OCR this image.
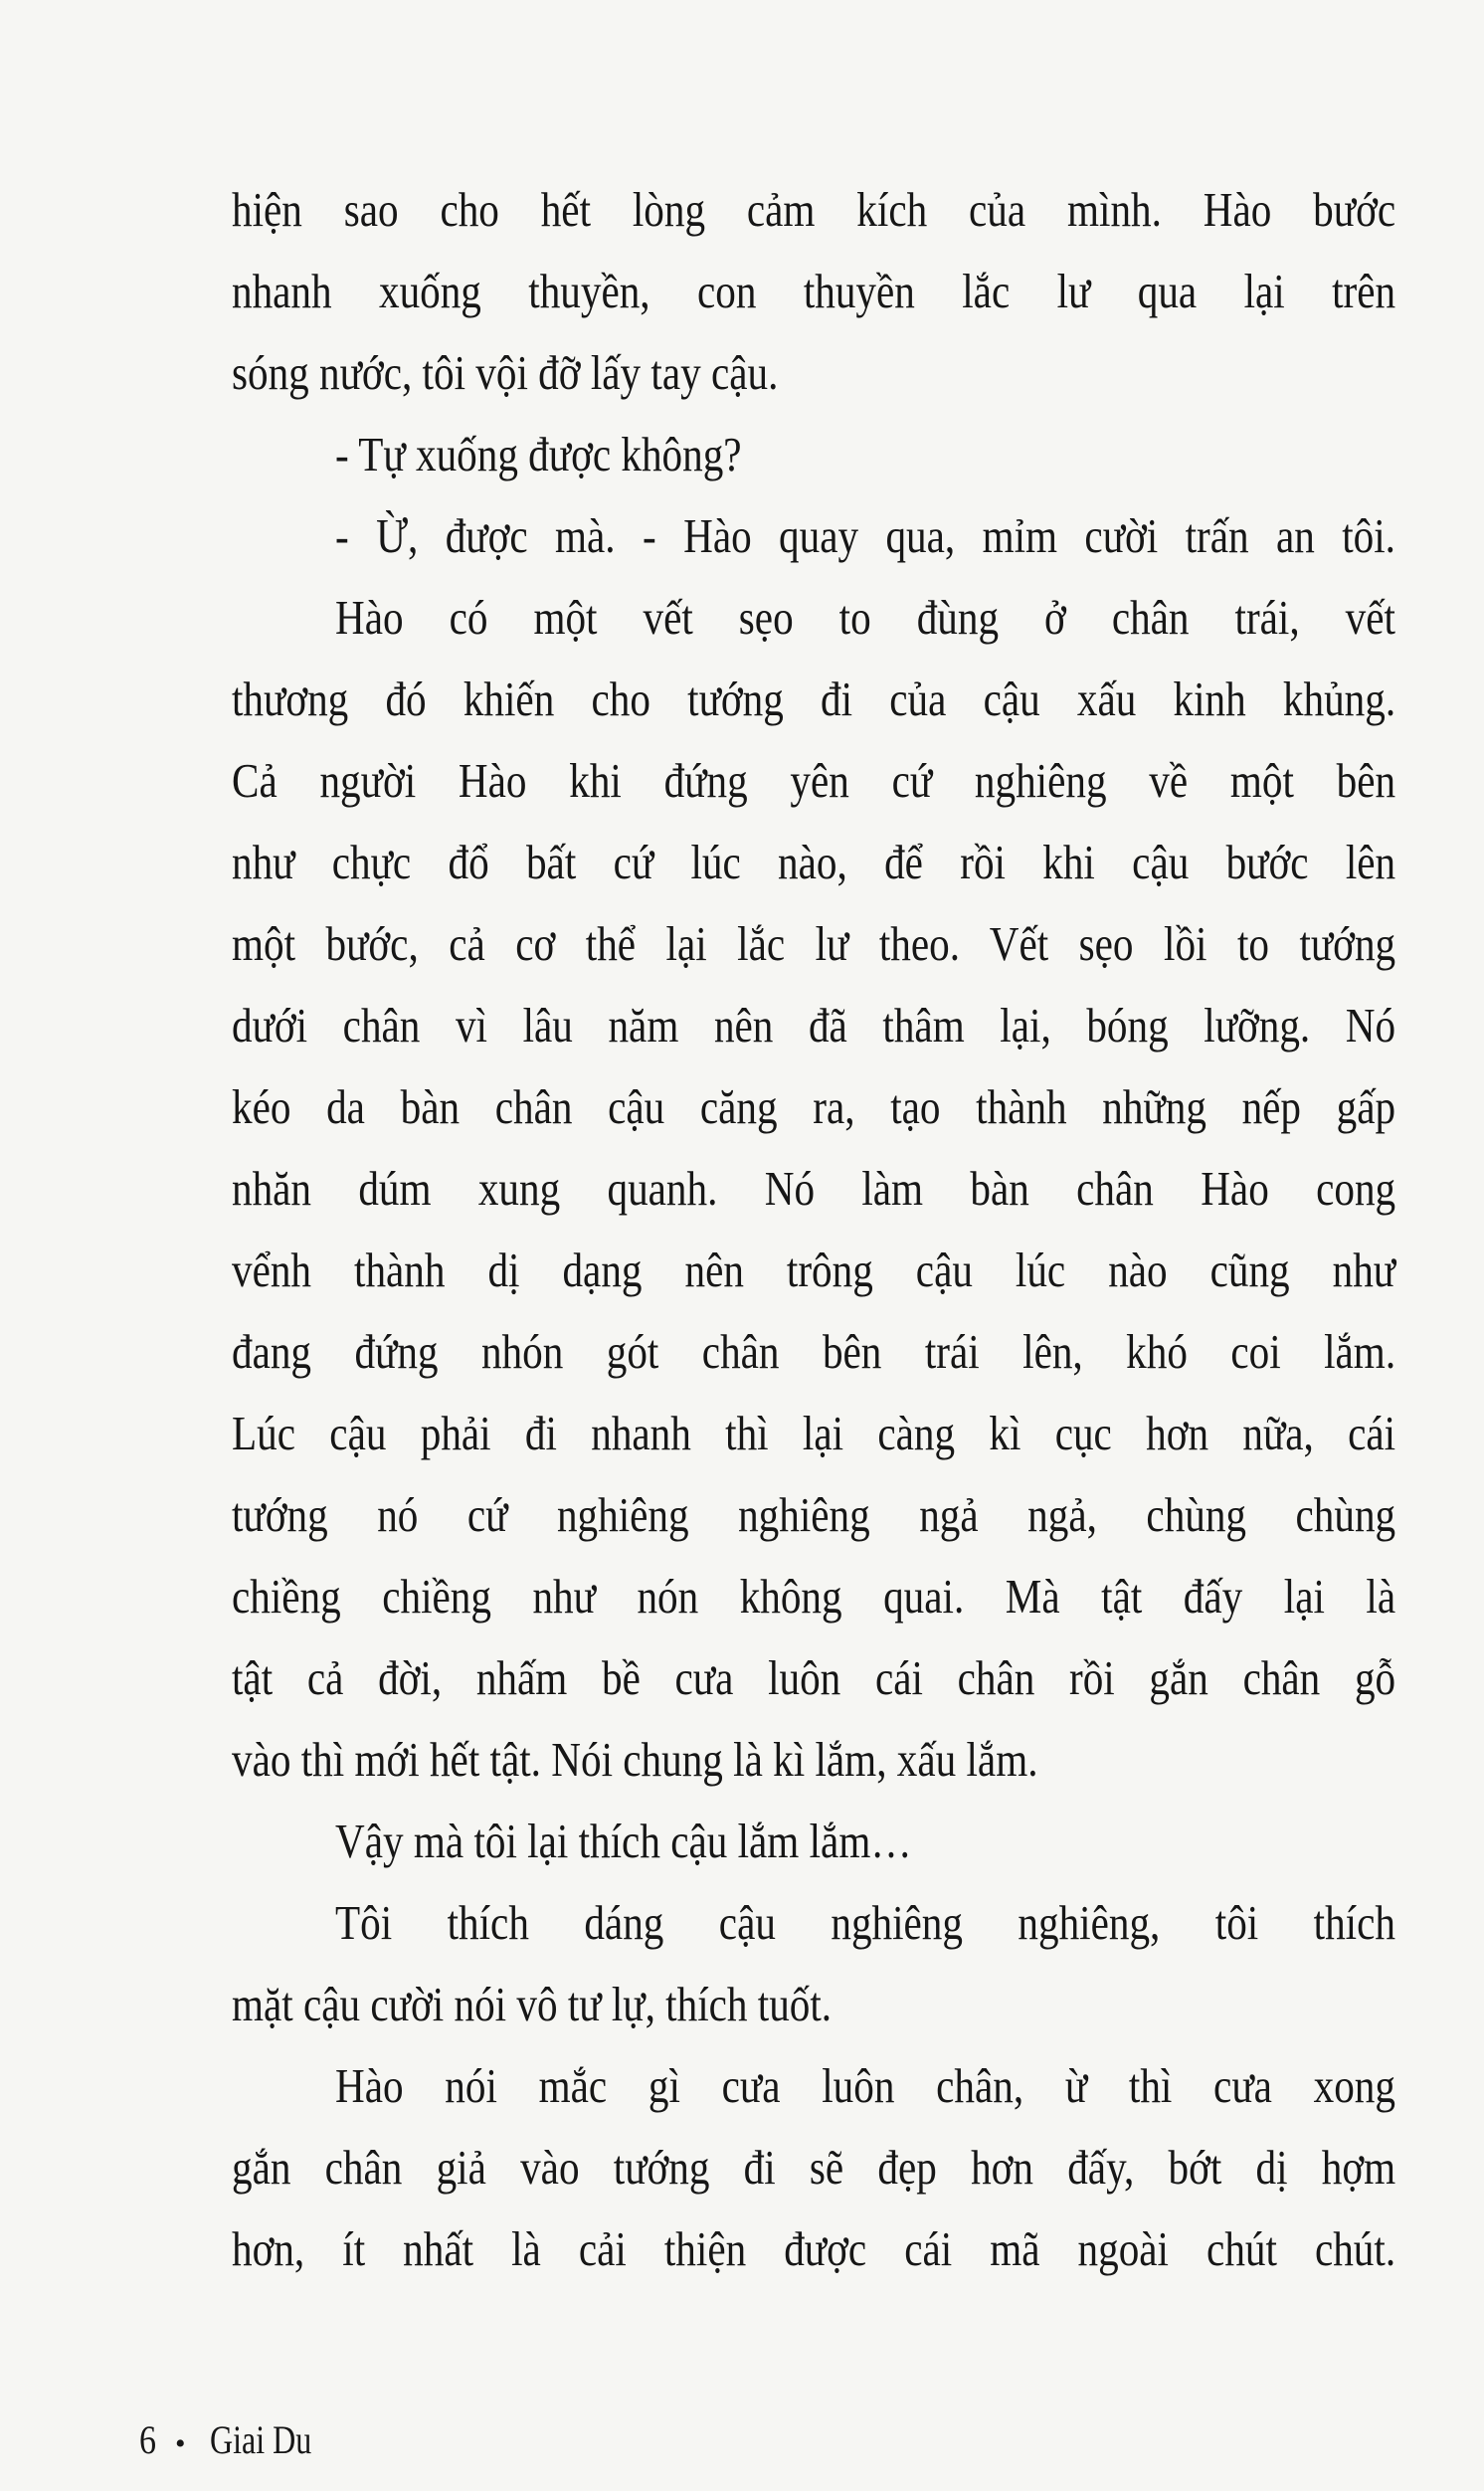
hiện sao cho hết lòng cảm kích của mình. Hào bước
nhanh xuống thuyền, con thuyền lắc lư qua lại trên
sóng nước, tôi vội đỡ lấy tay cậu.
- Tự xuống được không?
- Ừ, được mà. - Hào quay qua, mỉm cười trấn an tôi.
Hào có một vết sẹo to đùng ở chân trái, vết
thương đó khiến cho tướng đi của cậu xấu kinh khủng.
Cả người Hào khi đứng yên cứ nghiêng về một bên
như chực đổ bất cứ lúc nào, để rồi khi cậu bước lên
một bước, cả cơ thể lại lắc lư theo. Vết sẹo lồi to tướng
dưới chân vì lâu năm nên đã thâm lại, bóng lưỡng. Nó
kéo da bàn chân cậu căng ra, tạo thành những nếp gấp
nhăn dúm xung quanh. Nó làm bàn chân Hào cong
vểnh thành dị dạng nên trông cậu lúc nào cũng như
đang đứng nhón gót chân bên trái lên, khó coi lắm.
Lúc cậu phải đi nhanh thì lại càng kì cục hơn nữa, cái
tướng nó cứ nghiêng nghiêng ngả ngả, chùng chùng
chiềng chiềng như nón không quai. Mà tật đấy lại là
tật cả đời, nhấm bề cưa luôn cái chân rồi gắn chân gỗ
vào thì mới hết tật. Nói chung là kì lắm, xấu lắm.
Vậy mà tôi lại thích cậu lắm lắm…
Tôi thích dáng cậu nghiêng nghiêng, tôi thích
mặt cậu cười nói vô tư lự, thích tuốt.
Hào nói mắc gì cưa luôn chân, ừ thì cưa xong
gắn chân giả vào tướng đi sẽ đẹp hơn đấy, bớt dị hợm
hơn, ít nhất là cải thiện được cái mã ngoài chút chút.
6 • Giai Du
